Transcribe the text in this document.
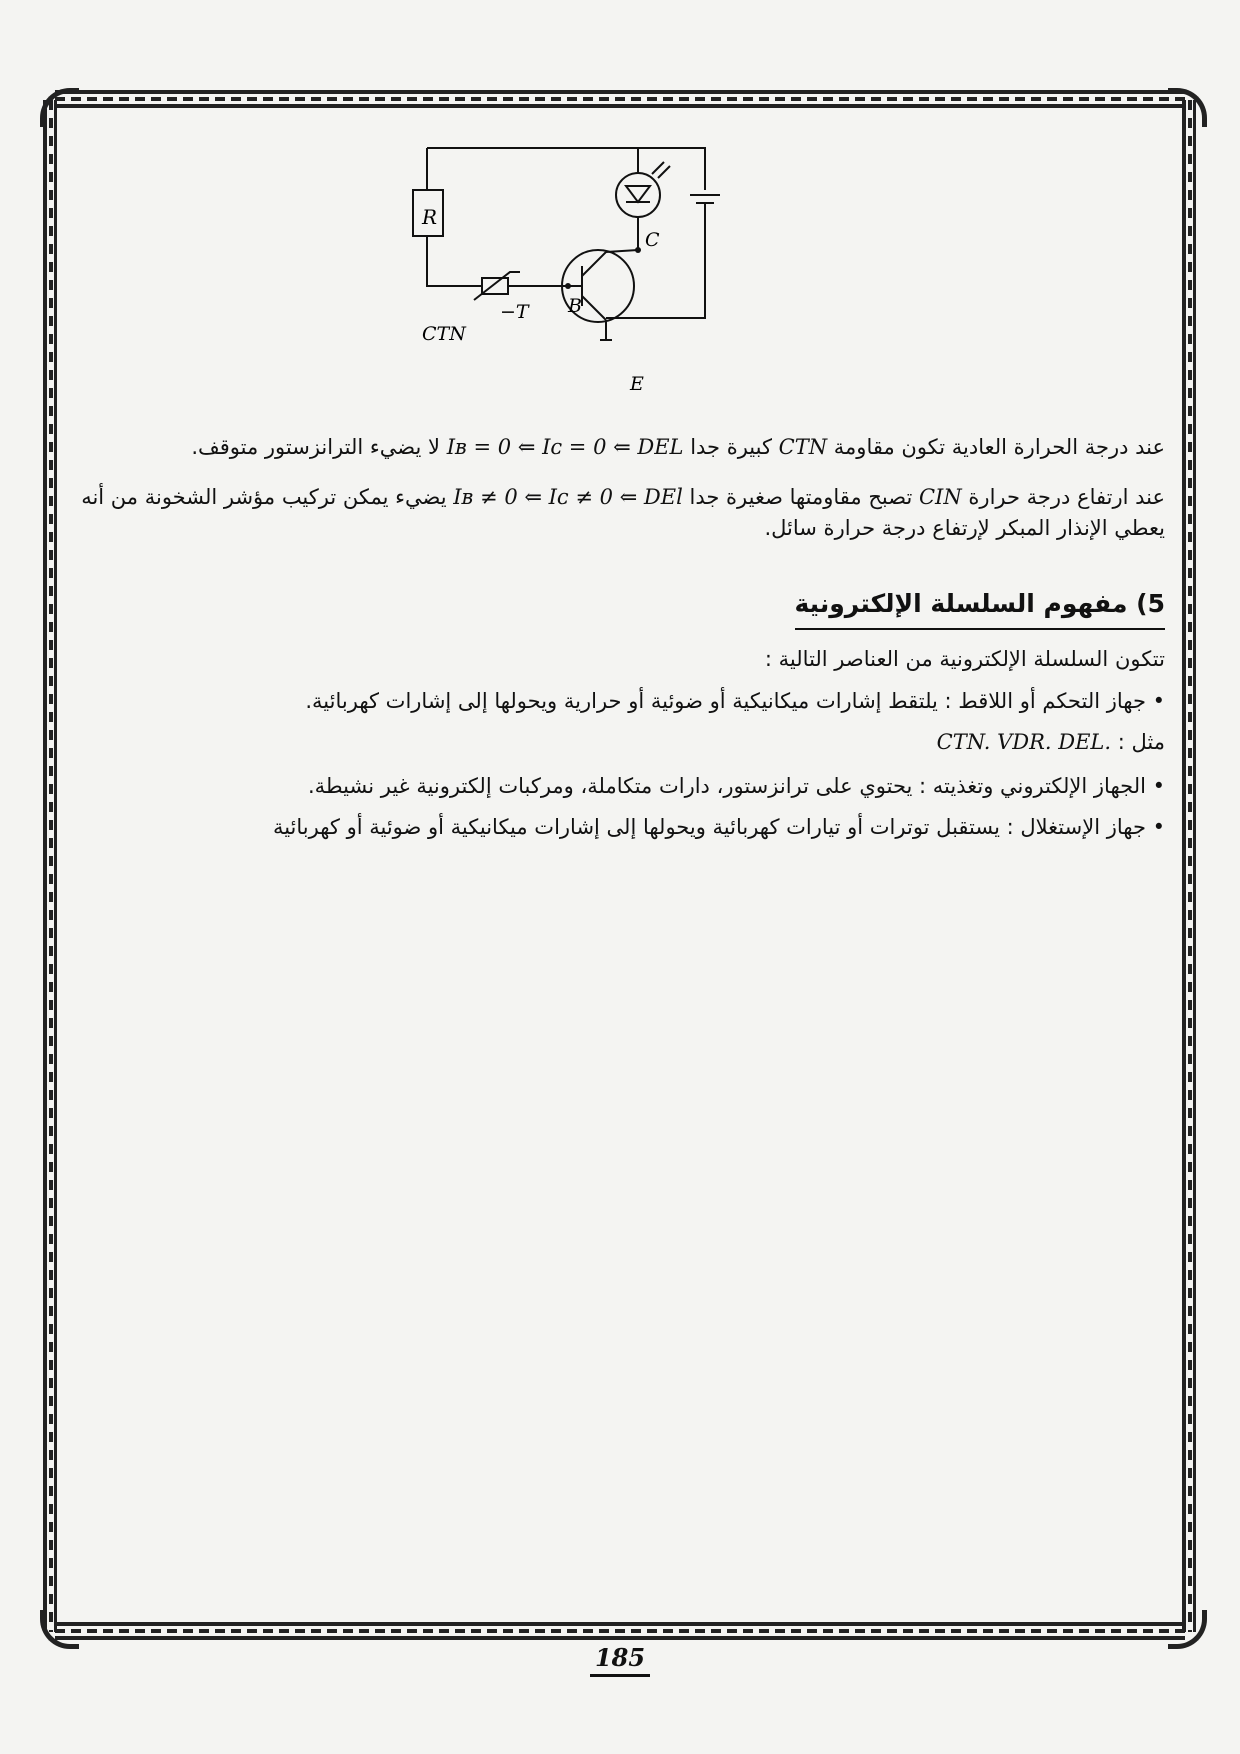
R
CTN
−T
C
B
E

عند درجة الحرارة العادية تكون مقاومة CTN كبيرة جدا Iʙ = 0 ⇐ Iᴄ = 0 ⇐ DEL لا يضيء الترانزستور متوقف.

عند ارتفاع درجة حرارة CIN تصبح مقاومتها صغيرة جدا Iʙ ≠ 0 ⇐ Iᴄ ≠ 0 ⇐ DEl يضيء يمكن تركيب مؤشر الشخونة من أنه يعطي الإنذار المبكر لإرتفاع درجة حرارة سائل.

5) مفهوم السلسلة الإلكترونية

تتكون السلسلة الإلكترونية من العناصر التالية :

• جهاز التحكم أو اللاقط : يلتقط إشارات ميكانيكية أو ضوئية أو حرارية ويحولها إلى إشارات كهربائية.

مثل : CTN. VDR. DEL.

• الجهاز الإلكتروني وتغذيته : يحتوي على ترانزستور، دارات متكاملة، ومركبات إلكترونية غير نشيطة.
• جهاز الإستغلال : يستقبل توترات أو تيارات كهربائية ويحولها إلى إشارات ميكانيكية أو ضوئية أو كهربائية
185
